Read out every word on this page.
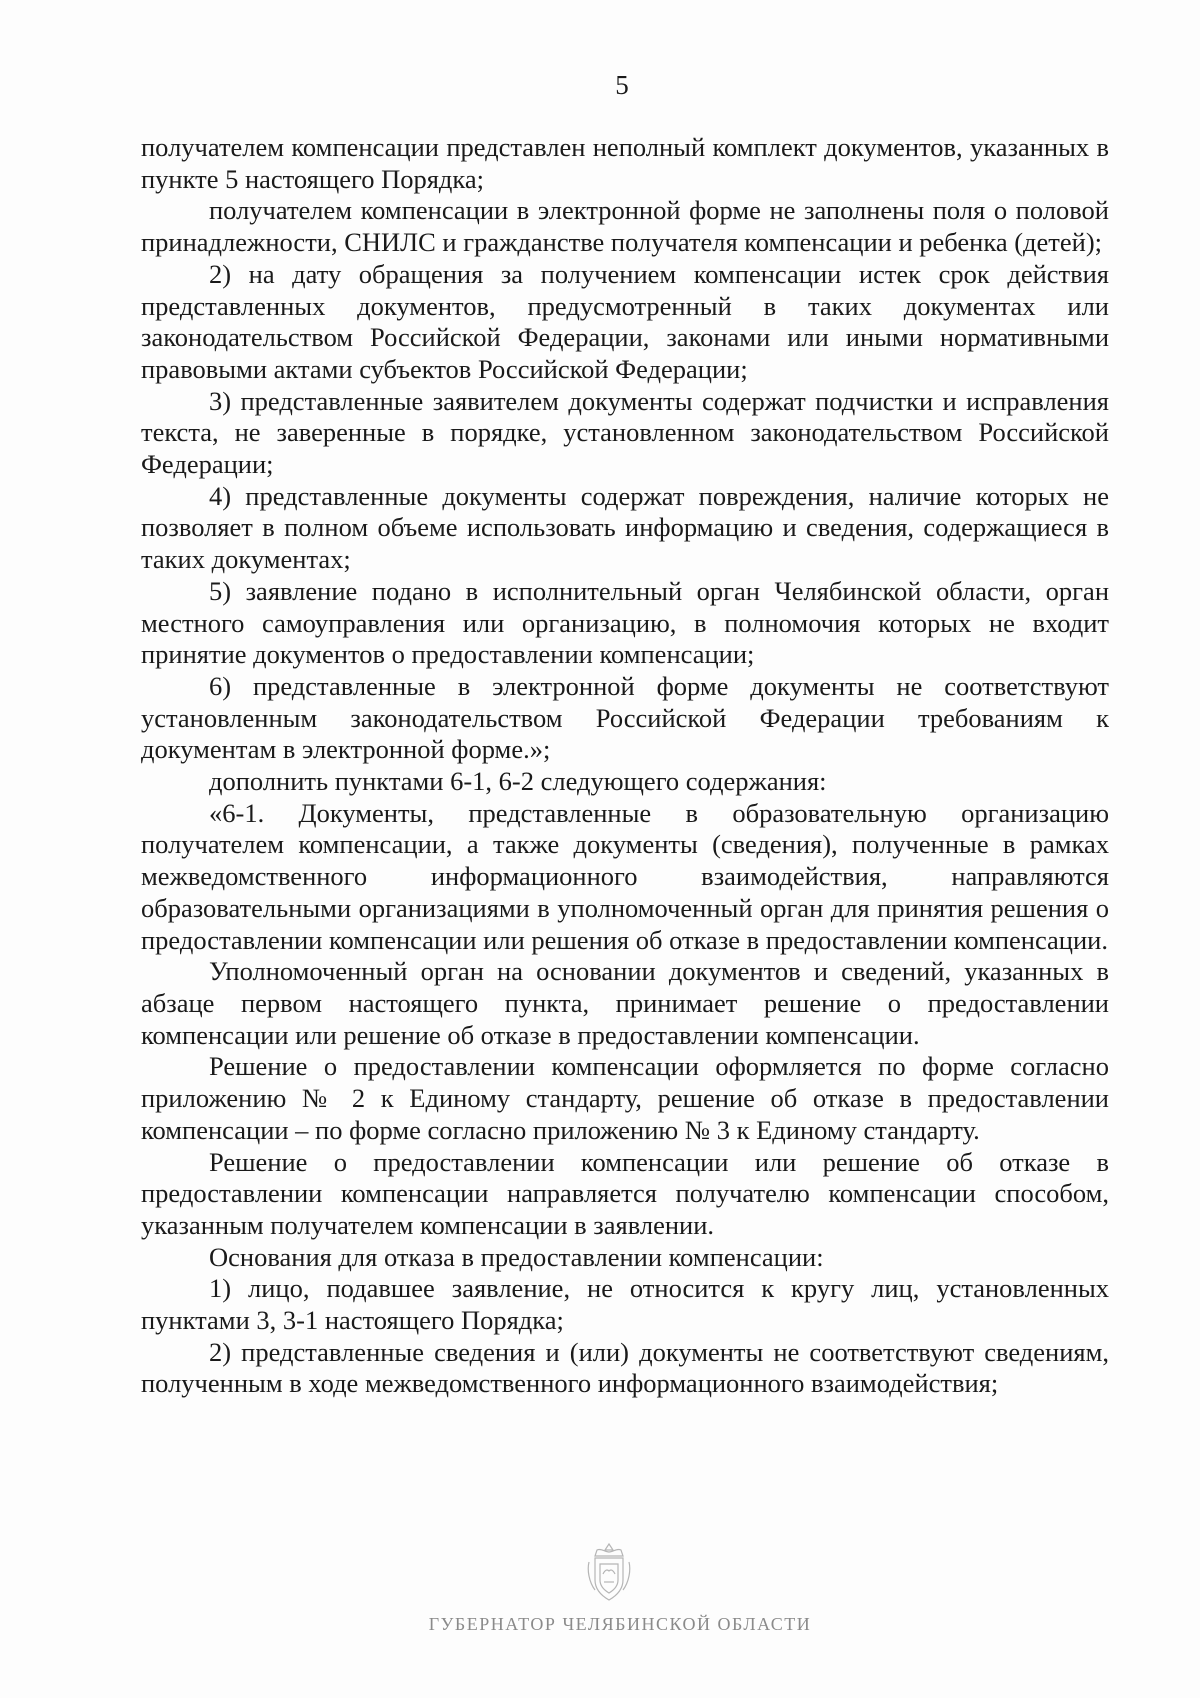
5

получателем компенсации представлен неполный комплект документов, указанных в пункте 5 настоящего Порядка;

получателем компенсации в электронной форме не заполнены поля о половой принадлежности, СНИЛС и гражданстве получателя компенсации и ребенка (детей);

2) на дату обращения за получением компенсации истек срок действия представленных документов, предусмотренный в таких документах или законодательством Российской Федерации, законами или иными нормативными правовыми актами субъектов Российской Федерации;

3) представленные заявителем документы содержат подчистки и исправления текста, не заверенные в порядке, установленном законодательством Российской Федерации;

4) представленные документы содержат повреждения, наличие которых не позволяет в полном объеме использовать информацию и сведения, содержащиеся в таких документах;

5) заявление подано в исполнительный орган Челябинской области, орган местного самоуправления или организацию, в полномочия которых не входит принятие документов о предоставлении компенсации;

6) представленные в электронной форме документы не соответствуют установленным законодательством Российской Федерации требованиям к документам в электронной форме.»;

дополнить пунктами 6-1, 6-2 следующего содержания:

«6-1. Документы, представленные в образовательную организацию получателем компенсации, а также документы (сведения), полученные в рамках межведомственного информационного взаимодействия, направляются образовательными организациями в уполномоченный орган для принятия решения о предоставлении компенсации или решения об отказе в предоставлении компенсации.

Уполномоченный орган на основании документов и сведений, указанных в абзаце первом настоящего пункта, принимает решение о предоставлении компенсации или решение об отказе в предоставлении компенсации.

Решение о предоставлении компенсации оформляется по форме согласно приложению № 2 к Единому стандарту, решение об отказе в предоставлении компенсации – по форме согласно приложению № 3 к Единому стандарту.

Решение о предоставлении компенсации или решение об отказе в предоставлении компенсации направляется получателю компенсации способом, указанным получателем компенсации в заявлении.

Основания для отказа в предоставлении компенсации:

1) лицо, подавшее заявление, не относится к кругу лиц, установленных пунктами 3, 3-1 настоящего Порядка;

2) представленные сведения и (или) документы не соответствуют сведениям, полученным в ходе межведомственного информационного взаимодействия;

ГУБЕРНАТОР ЧЕЛЯБИНСКОЙ ОБЛАСТИ
